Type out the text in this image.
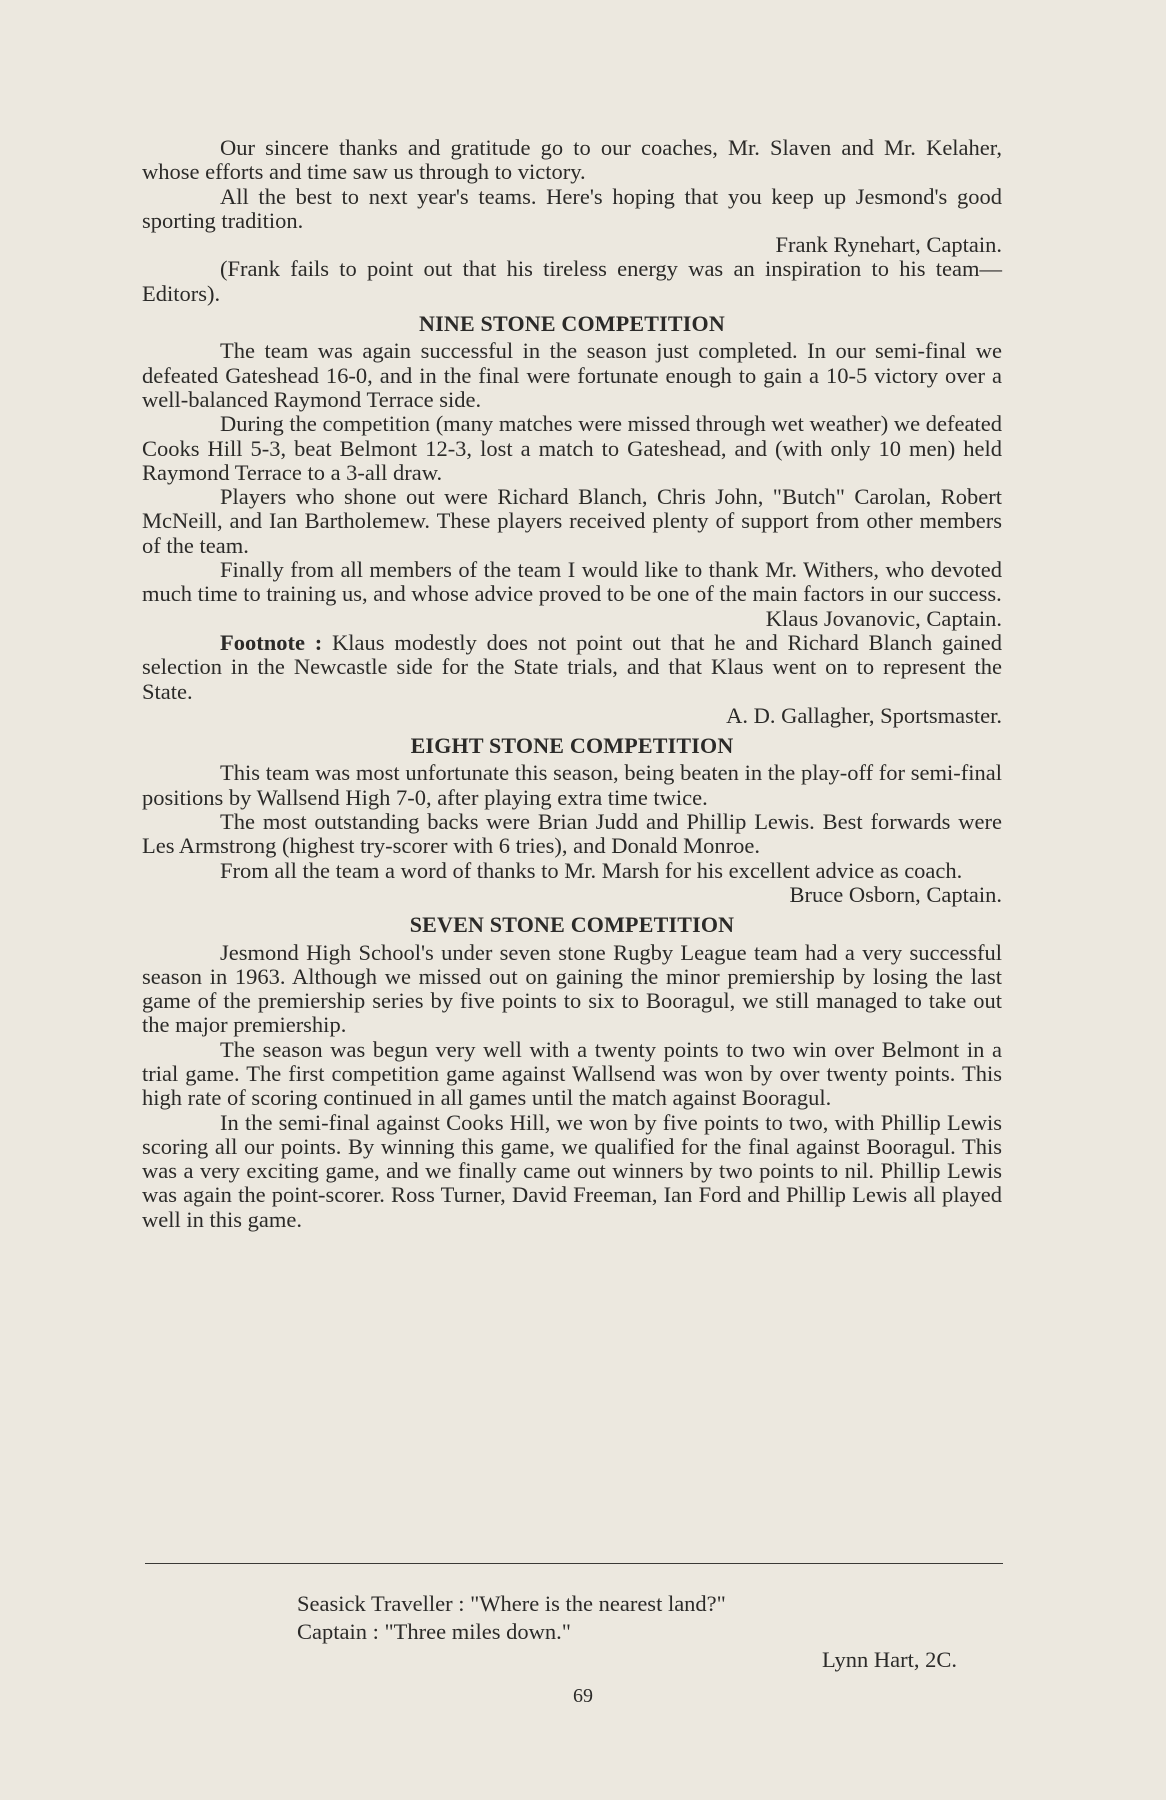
Our sincere thanks and gratitude go to our coaches, Mr. Slaven and Mr. Kelaher, whose efforts and time saw us through to victory.

All the best to next year's teams. Here's hoping that you keep up Jesmond's good sporting tradition.

Frank Rynehart, Captain.

(Frank fails to point out that his tireless energy was an inspiration to his team—Editors).

NINE STONE COMPETITION

The team was again successful in the season just completed. In our semi-final we defeated Gateshead 16-0, and in the final were fortunate enough to gain a 10-5 victory over a well-balanced Raymond Terrace side.

During the competition (many matches were missed through wet weather) we defeated Cooks Hill 5-3, beat Belmont 12-3, lost a match to Gateshead, and (with only 10 men) held Raymond Terrace to a 3-all draw.

Players who shone out were Richard Blanch, Chris John, "Butch" Carolan, Robert McNeill, and Ian Bartholemew. These players received plenty of support from other members of the team.

Finally from all members of the team I would like to thank Mr. Withers, who devoted much time to training us, and whose advice proved to be one of the main factors in our success.

Klaus Jovanovic, Captain.

Footnote : Klaus modestly does not point out that he and Richard Blanch gained selection in the Newcastle side for the State trials, and that Klaus went on to represent the State.

A. D. Gallagher, Sportsmaster.
EIGHT STONE COMPETITION

This team was most unfortunate this season, being beaten in the play-off for semi-final positions by Wallsend High 7-0, after playing extra time twice.

The most outstanding backs were Brian Judd and Phillip Lewis. Best forwards were Les Armstrong (highest try-scorer with 6 tries), and Donald Monroe.

From all the team a word of thanks to Mr. Marsh for his excellent advice as coach.

Bruce Osborn, Captain.
SEVEN STONE COMPETITION

Jesmond High School's under seven stone Rugby League team had a very successful season in 1963. Although we missed out on gaining the minor premiership by losing the last game of the premiership series by five points to six to Booragul, we still managed to take out the major premiership.

The season was begun very well with a twenty points to two win over Belmont in a trial game. The first competition game against Wallsend was won by over twenty points. This high rate of scoring continued in all games until the match against Booragul.

In the semi-final against Cooks Hill, we won by five points to two, with Phillip Lewis scoring all our points. By winning this game, we qualified for the final against Booragul. This was a very exciting game, and we finally came out winners by two points to nil. Phillip Lewis was again the point-scorer. Ross Turner, David Freeman, Ian Ford and Phillip Lewis all played well in this game.

Seasick Traveller : "Where is the nearest land?"
Captain : "Three miles down."
Lynn Hart, 2C.
69
